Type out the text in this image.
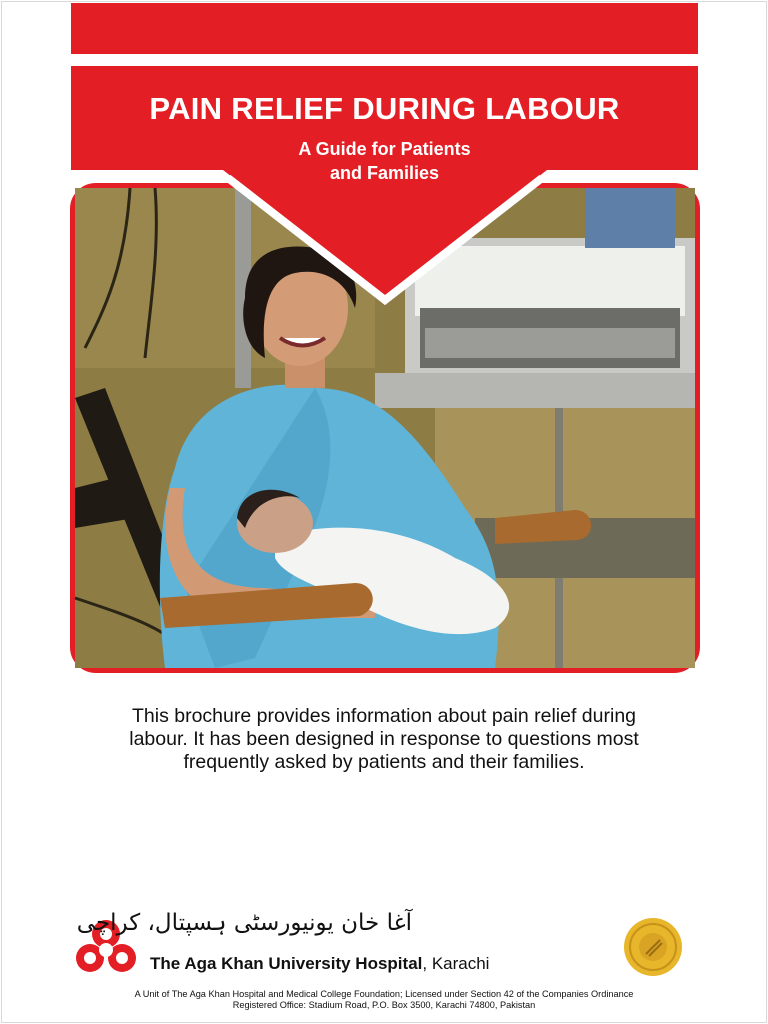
PAIN RELIEF DURING LABOUR
A Guide for Patients
and Families
This brochure provides information about pain relief during
labour. It has been designed in response to questions most
frequently asked by patients and their families.
آغا خان یونیورسٹی ہسپتال، کراچی
The Aga Khan University Hospital, Karachi
A Unit of The Aga Khan Hospital and Medical College Foundation; Licensed under Section 42 of the Companies Ordinance
Registered Office: Stadium Road, P.O. Box 3500, Karachi 74800, Pakistan
